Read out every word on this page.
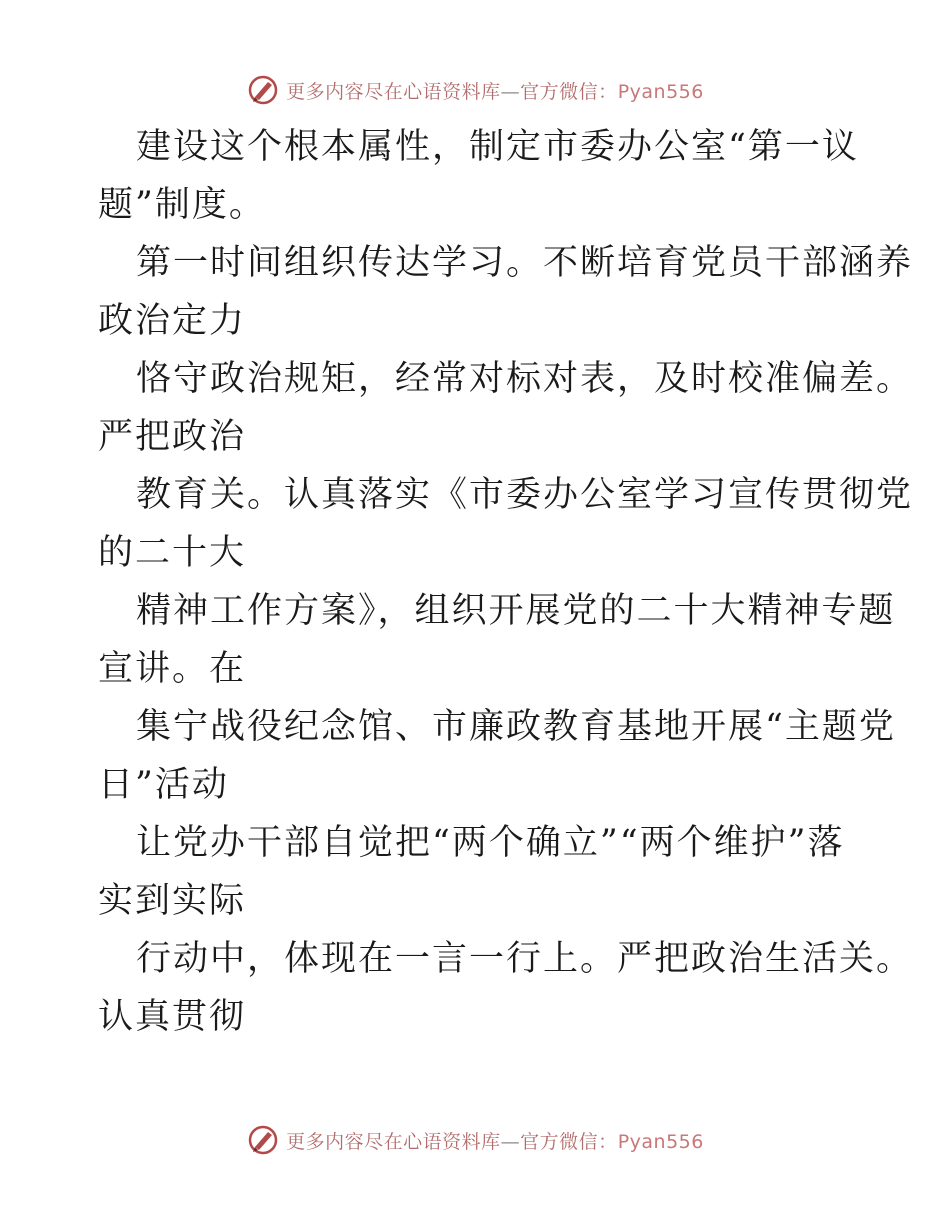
更多内容尽在心语资料库—官方微信：Pyan556
建设这个根本属性，制定市委办公室“第一议
题”制度。
第一时间组织传达学习。不断培育党员干部涵养
政治定力
恪守政治规矩，经常对标对表，及时校准偏差。
严把政治
教育关。认真落实《市委办公室学习宣传贯彻党
的二十大
精神工作方案》，组织开展党的二十大精神专题
宣讲。在
集宁战役纪念馆、市廉政教育基地开展“主题党
日”活动
让党办干部自觉把“两个确立”“两个维护”落
实到实际
行动中，体现在一言一行上。严把政治生活关。
认真贯彻
更多内容尽在心语资料库—官方微信：Pyan556
